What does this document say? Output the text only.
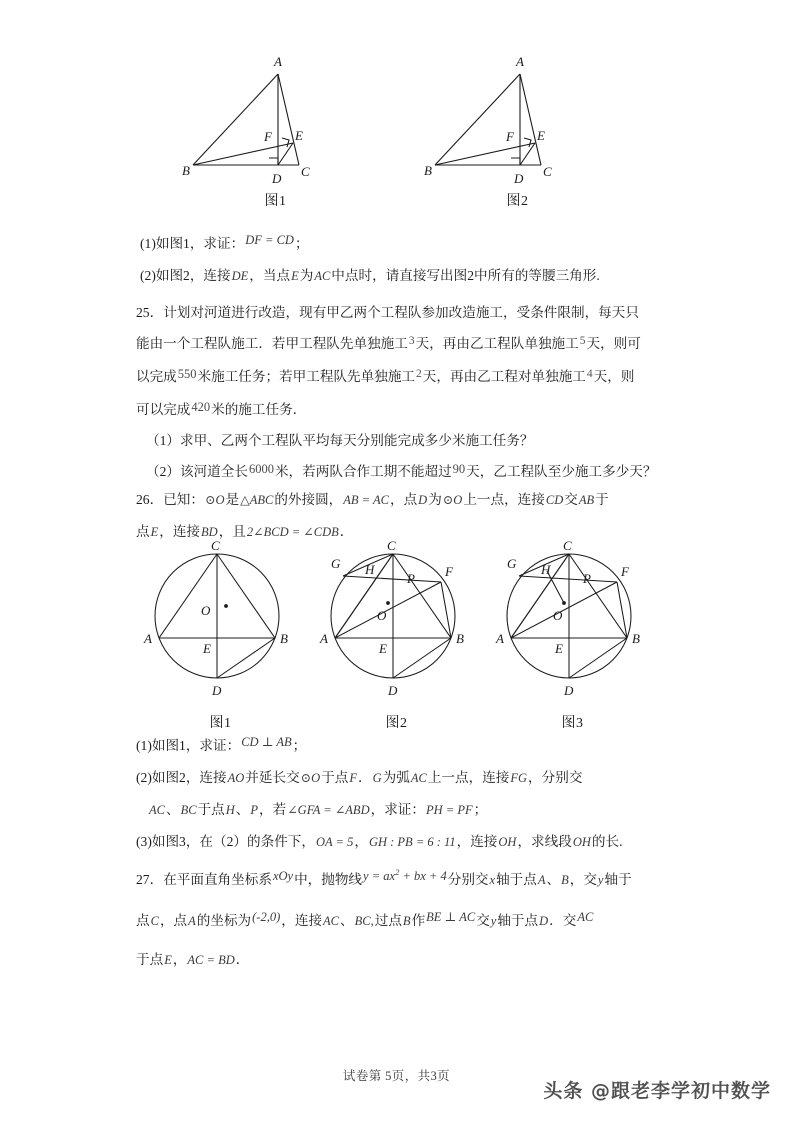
A
B	C
D
E
F
图1
A
B	C
D
E
F
图2
(1)如图1，求证：DF = CD；
(2)如图2，连接DE，当点E为AC中点时，请直接写出图2中所有的等腰三角形.
25．计划对河道进行改造，现有甲乙两个工程队参加改造施工，受条件限制，每天只
能由一个工程队施工．若甲工程队先单独施工$^3$天，再由乙工程队单独施工$^5$天，则可
以完成550米施工任务；若甲工程队先单独施工$^2$天，再由乙工程对单独施工$^4$天，则
可以完成420米的施工任务．
（1）求甲、乙两个工程队平均每天分别能完成多少米施工任务？
（2）该河道全长6000米，若两队合作工期不能超过90天，乙工程队至少施工多少天？
26．已知：⊙O是△ABC的外接圆，AB = AC，点D为⊙O上一点，连接CD交AB于
点E，连接BD，且2∠BCD = ∠CDB．
O
C
A	B
D
E
图1
O
C
A	B
D
E
G H
P F
图2
O
C
A	B
D
E
G H
P F
图3
(1)如图1，求证：CD ⊥ AB；
(2)如图2，连接AO并延长交⊙O于点F．G为弧AC上一点，连接FG，分别交
AC、BC于点H、P，若∠GFA = ∠ABD，求证：PH = PF；
(3)如图3，在（2）的条件下，OA = 5，GH : PB = 6 : 11，连接OH，求线段OH的长.
27．在平面直角坐标系xOy中，抛物线$y = ax^2$ + bx + 4分别交x轴于点A、B，交y轴于
点C，点A的坐标为(-2,0)，连接AC、BC,过点B作BE ⊥ AC交y轴于点D．交AC
于点E，AC = BD．
试卷第 5页，共3页
头条 @跟老李学初中数学
